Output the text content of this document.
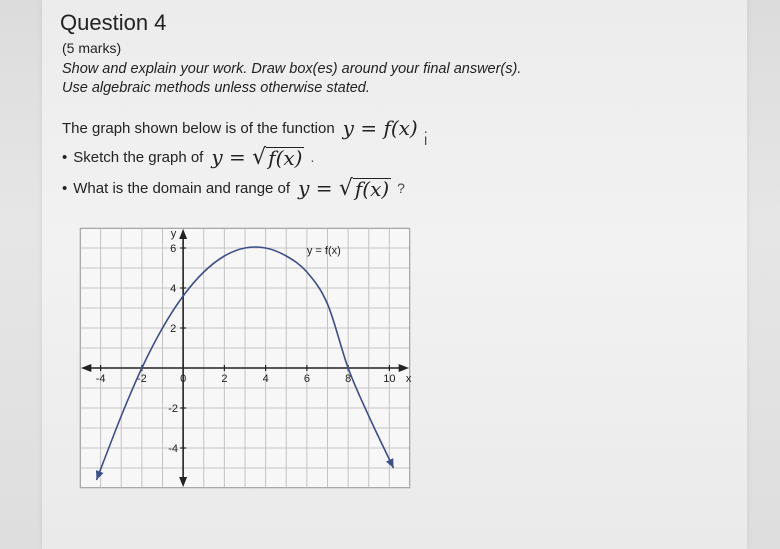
Question 4
(5 marks)
Show and explain your work. Draw box(es) around your final answer(s).
Use algebraic methods unless otherwise stated.
The graph shown below is of the function y = f(x) .
I
• Sketch the graph of y = √ f(x) .
• What is the domain and range of y = √ f(x) ?
-4	-2	0	2	4	6	8	10
6
4
2
-2
-4
x
y
y = f(x)
